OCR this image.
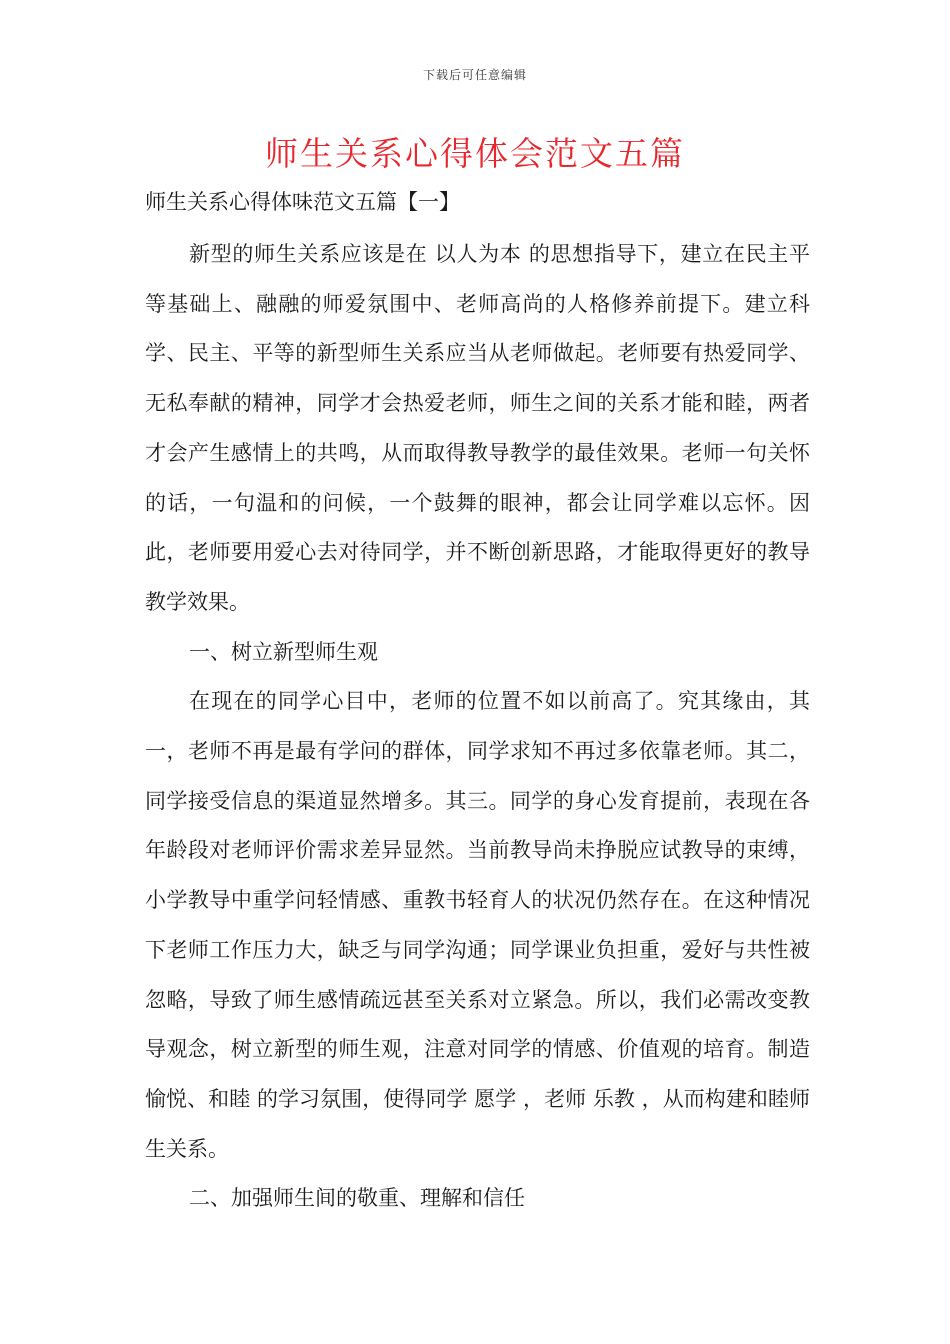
下载后可任意编辑
师生关系心得体会范文五篇
师生关系心得体味范文五篇【一】

新型的师生关系应该是在 以人为本 的思想指导下，建立在民主平等基础上、融融的师爱氛围中、老师高尚的人格修养前提下。建立科学、民主、平等的新型师生关系应当从老师做起。老师要有热爱同学、无私奉献的精神，同学才会热爱老师，师生之间的关系才能和睦，两者才会产生感情上的共鸣，从而取得教导教学的最佳效果。老师一句关怀的话，一句温和的问候，一个鼓舞的眼神，都会让同学难以忘怀。因此，老师要用爱心去对待同学，并不断创新思路，才能取得更好的教导教学效果。

一、树立新型师生观

在现在的同学心目中，老师的位置不如以前高了。究其缘由，其一，老师不再是最有学问的群体，同学求知不再过多依靠老师。其二，同学接受信息的渠道显然增多。其三。同学的身心发育提前，表现在各年龄段对老师评价需求差异显然。当前教导尚未挣脱应试教导的束缚，小学教导中重学问轻情感、重教书轻育人的状况仍然存在。在这种情况下老师工作压力大，缺乏与同学沟通；同学课业负担重，爱好与共性被忽略，导致了师生感情疏远甚至关系对立紧急。所以，我们必需改变教导观念，树立新型的师生观，注意对同学的情感、价值观的培育。制造 愉悦、和睦 的学习氛围，使得同学 愿学 ，老师 乐教 ，从而构建和睦师生关系。

二、加强师生间的敬重、理解和信任
